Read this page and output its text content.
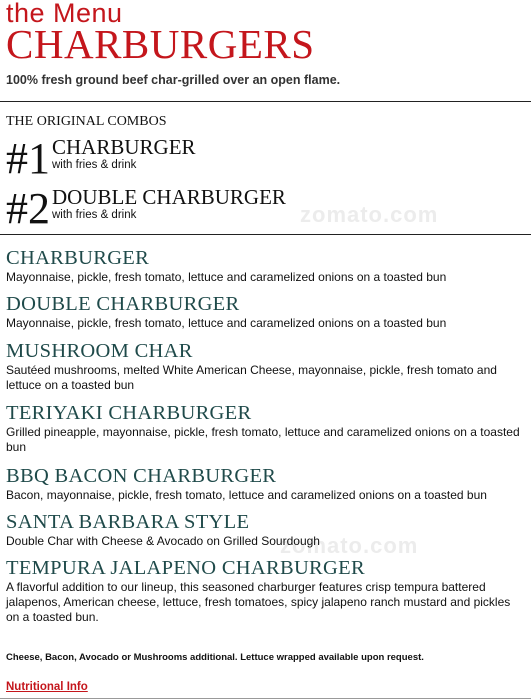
zomato.com
zomato.com
the Menu
CHARBURGERS
100% fresh ground beef char-grilled over an open flame.
THE ORIGINAL COMBOS
#1 CHARBURGER
with fries & drink
#2 DOUBLE CHARBURGER
with fries & drink
CHARBURGER
Mayonnaise, pickle, fresh tomato, lettuce and caramelized onions on a toasted bun
DOUBLE CHARBURGER
Mayonnaise, pickle, fresh tomato, lettuce and caramelized onions on a toasted bun
MUSHROOM CHAR
Sautéed mushrooms, melted White American Cheese, mayonnaise, pickle, fresh tomato and lettuce on a toasted bun
TERIYAKI CHARBURGER
Grilled pineapple, mayonnaise, pickle, fresh tomato, lettuce and caramelized onions on a toasted bun
BBQ BACON CHARBURGER
Bacon, mayonnaise, pickle, fresh tomato, lettuce and caramelized onions on a toasted bun
SANTA BARBARA STYLE
Double Char with Cheese & Avocado on Grilled Sourdough
TEMPURA JALAPENO CHARBURGER
A flavorful addition to our lineup, this seasoned charburger features crisp tempura battered jalapenos, American cheese, lettuce, fresh tomatoes, spicy jalapeno ranch mustard and pickles on a toasted bun.
Cheese, Bacon, Avocado or Mushrooms additional. Lettuce wrapped available upon request.
Nutritional Info
